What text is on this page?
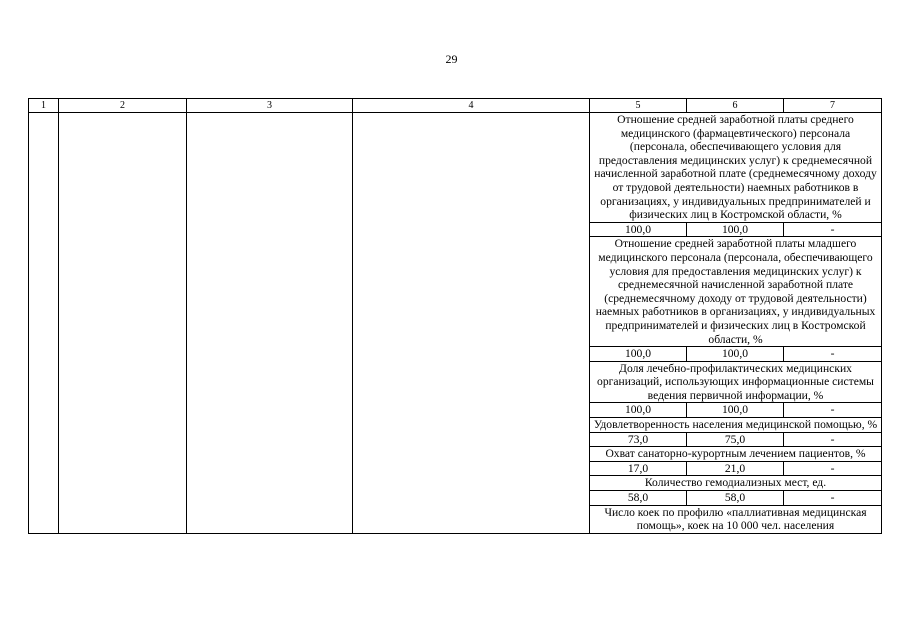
29
1	2	3	4	5	6	7
				Отношение средней заработной платы среднего медицинского (фармацевтического) персонала (персонала, обеспечивающего условия для предоставления медицинских услуг) к среднемесячной начисленной заработной плате (среднемесячному доходу от трудовой деятельности) наемных работников в организациях, у индивидуальных предпринимателей и физических лиц в Костромской области, %		
				100,0	100,0	-
				Отношение средней заработной платы младшего медицинского персонала (персонала, обеспечивающего условия для предоставления медицинских услуг) к среднемесячной начисленной заработной плате (среднемесячному доходу от трудовой деятельности) наемных работников в организациях, у индивидуальных предпринимателей и физических лиц в Костромской области, %		
				100,0	100,0	-
				Доля лечебно-профилактических медицинских организаций, использующих информационные системы ведения первичной информации, %		
				100,0	100,0	-
				Удовлетворенность населения медицинской помощью, %		
				73,0	75,0	-
				Охват санаторно-курортным лечением пациентов, %		
				17,0	21,0	-
				Количество гемодиализных мест, ед.		
				58,0	58,0	-
				Число коек по профилю «паллиативная медицинская помощь», коек на 10 000 чел. населения		
